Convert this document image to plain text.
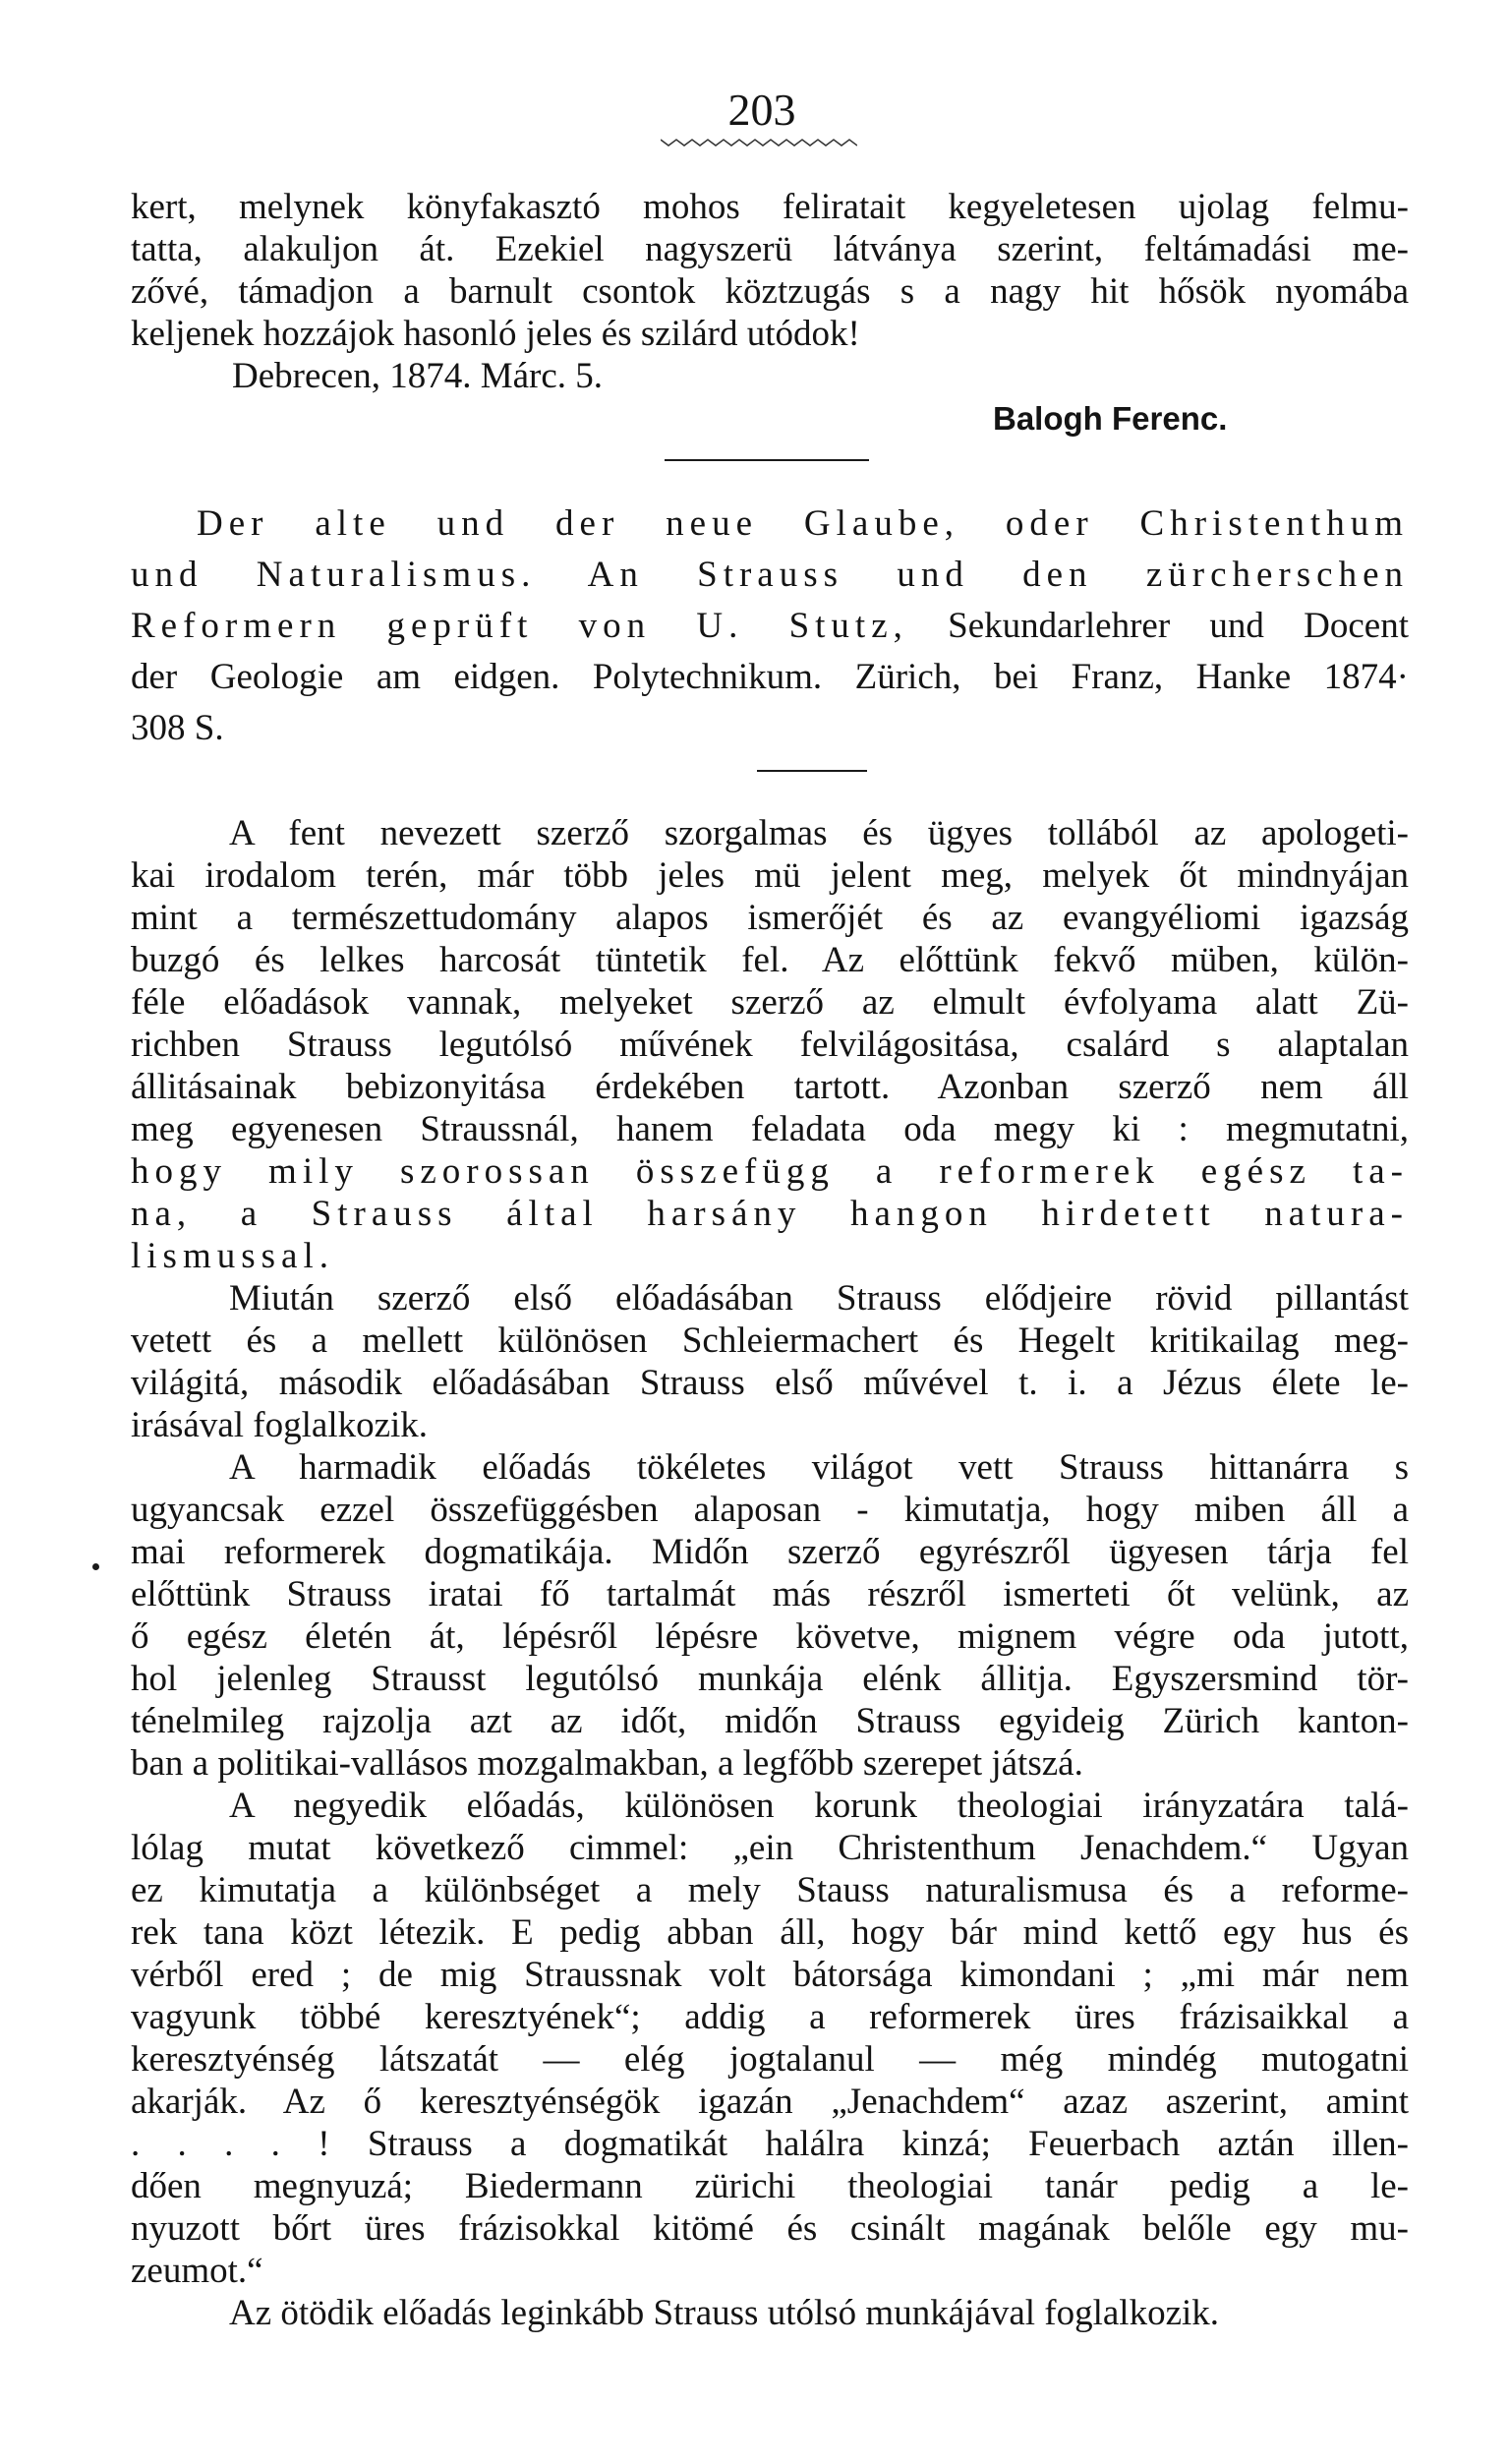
203
kert, melynek könyfakasztó mohos feliratait kegyeletesen ujolag felmu-
tatta, alakuljon át. Ezekiel nagyszerü látványa szerint, feltámadási me-
zővé, támadjon a barnult csontok köztzugás s a nagy hit hősök nyomába
keljenek hozzájok hasonló jeles és szilárd utódok!
Debrecen, 1874. Márc. 5.
Balogh Ferenc.
Der alte und der neue Glaube, oder Christenthum
und Naturalismus. An Strauss und den zürcherschen
Reformern geprüft von U. Stutz, Sekundarlehrer und Docent
der Geologie am eidgen. Polytechnikum. Zürich, bei Franz, Hanke 1874·
308 S.
A fent nevezett szerző szorgalmas és ügyes tollából az apologeti-
kai irodalom terén, már több jeles mü jelent meg, melyek őt mindnyájan
mint a természettudomány alapos ismerőjét és az evangyéliomi igazság
buzgó és lelkes harcosát tüntetik fel. Az előttünk fekvő müben, külön-
féle előadások vannak, melyeket szerző az elmult évfolyama alatt Zü-
richben Strauss legutólsó művének felvilágositása, csalárd s alaptalan
állitásainak bebizonyitása érdekében tartott. Azonban szerző nem áll
meg egyenesen Straussnál, hanem feladata oda megy ki : megmutatni,
hogy mily szorossan összefügg a reformerek egész ta-
na, a Strauss által harsány hangon hirdetett natura-
lismussal.
Miután szerző első előadásában Strauss elődjeire rövid pillantást
vetett és a mellett különösen Schleiermachert és Hegelt kritikailag meg-
világitá, második előadásában Strauss első művével t. i. a Jézus élete le-
irásával foglalkozik.
A harmadik előadás tökéletes világot vett Strauss hittanárra s
ugyancsak ezzel összefüggésben alaposan - kimutatja, hogy miben áll a
mai reformerek dogmatikája. Midőn szerző egyrészről ügyesen tárja fel
előttünk Strauss iratai fő tartalmát más részről ismerteti őt velünk, az
ő egész életén át, lépésről lépésre követve, mignem végre oda jutott,
hol jelenleg Strausst legutólsó munkája elénk állitja. Egyszersmind tör-
ténelmileg rajzolja azt az időt, midőn Strauss egyideig Zürich kanton-
ban a politikai-vallásos mozgalmakban, a legfőbb szerepet játszá.
A negyedik előadás, különösen korunk theologiai irányzatára talá-
lólag mutat következő cimmel: „ein Christenthum Jenachdem.“ Ugyan
ez kimutatja a különbséget a mely Stauss naturalismusa és a reforme-
rek tana közt létezik. E pedig abban áll, hogy bár mind kettő egy hus és
vérből ered ; de mig Straussnak volt bátorsága kimondani ; „mi már nem
vagyunk többé keresztyének“; addig a reformerek üres frázisaikkal a
keresztyénség látszatát — elég jogtalanul — még mindég mutogatni
akarják. Az ő keresztyénségök igazán „Jenachdem“ azaz aszerint, amint
. . . . ! Strauss a dogmatikát halálra kinzá; Feuerbach aztán illen-
dően megnyuzá; Biedermann zürichi theologiai tanár pedig a le-
nyuzott bőrt üres frázisokkal kitömé és csinált magának belőle egy mu-
zeumot.“
Az ötödik előadás leginkább Strauss utólsó munkájával foglalkozik.
